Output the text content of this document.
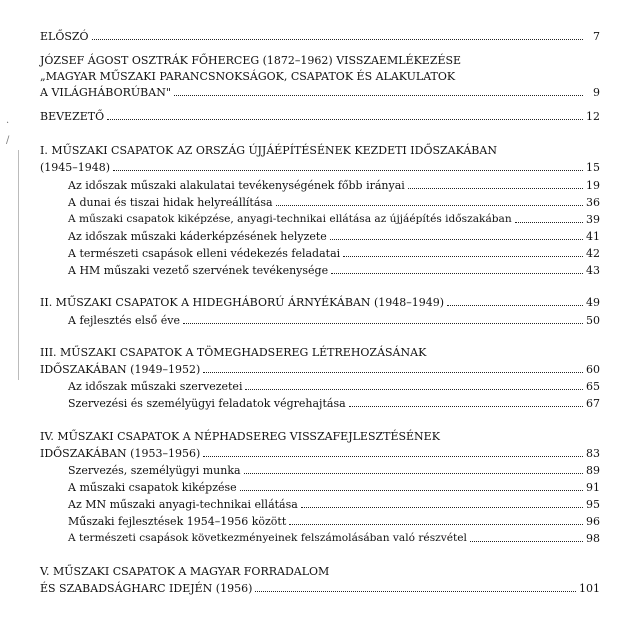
·
/
ELŐSZÓ	7
JÓZSEF ÁGOST OSZTRÁK FŐHERCEG (1872–1962) VISSZAEMLÉKEZÉSE
„MAGYAR MŰSZAKI PARANCSNOKSÁGOK, CSAPATOK ÉS ALAKULATOK
A VILÁGHÁBORÚBAN"	9
BEVEZETŐ	12
I. MŰSZAKI CSAPATOK AZ ORSZÁG ÚJJÁÉPÍTÉSÉNEK KEZDETI IDŐSZAKÁBAN
(1945–1948)	15
Az időszak műszaki alakulatai tevékenységének főbb irányai	19
A dunai és tiszai hidak helyreállítása	36
A műszaki csapatok kiképzése, anyagi-technikai ellátása az újjáépítés időszakában	39
Az időszak műszaki káderképzésének helyzete	41
A természeti csapások elleni védekezés feladatai	42
A HM műszaki vezető szervének tevékenysége	43
II. MŰSZAKI CSAPATOK A HIDEGHÁBORÚ ÁRNYÉKÁBAN (1948–1949)	49
A fejlesztés első éve	50
III. MŰSZAKI CSAPATOK A TÖMEGHADSEREG LÉTREHOZÁSÁNAK
IDŐSZAKÁBAN (1949–1952)	60
Az időszak műszaki szervezetei	65
Szervezési és személyügyi feladatok végrehajtása	67
IV. MŰSZAKI CSAPATOK A NÉPHADSEREG VISSZAFEJLESZTÉSÉNEK
IDŐSZAKÁBAN (1953–1956)	83
Szervezés, személyügyi munka	89
A műszaki csapatok kiképzése	91
Az MN műszaki anyagi-technikai ellátása	95
Műszaki fejlesztések 1954–1956 között	96
A természeti csapások következményeinek felszámolásában való részvétel	98
V. MŰSZAKI CSAPATOK A MAGYAR FORRADALOM
ÉS SZABADSÁGHARC IDEJÉN (1956)	101
